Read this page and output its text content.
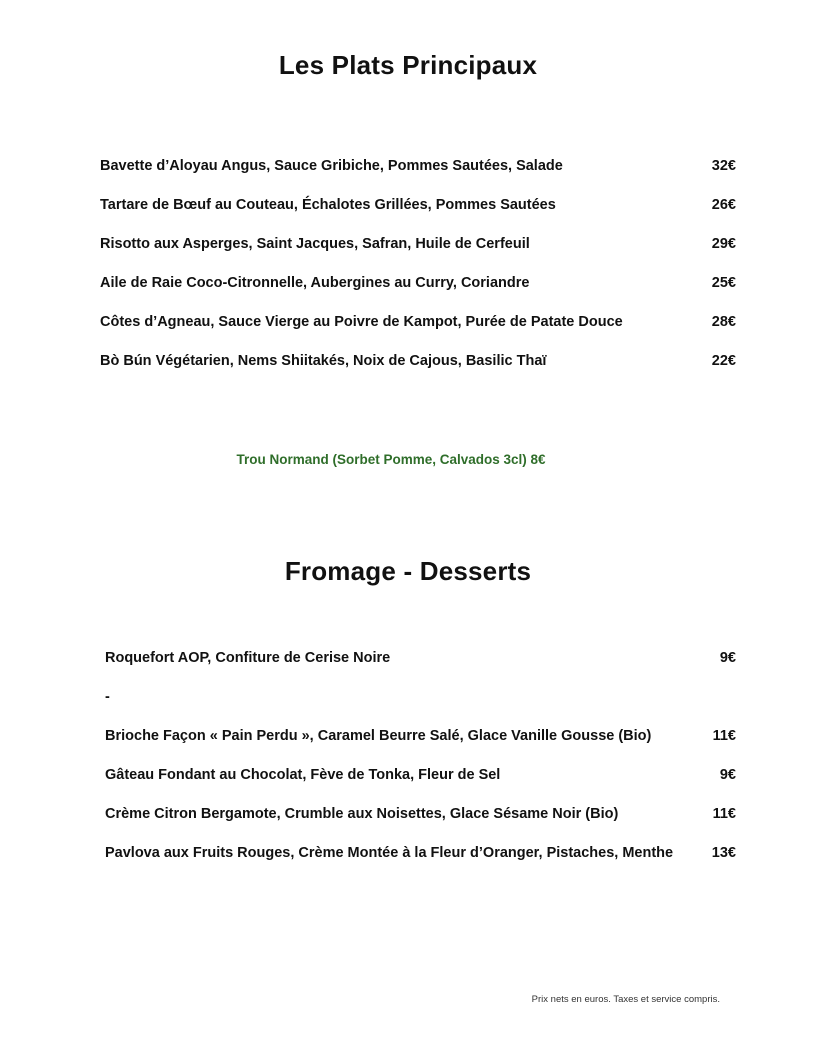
Les Plats Principaux
Bavette d’Aloyau Angus, Sauce Gribiche, Pommes Sautées, Salade	32€
Tartare de Bœuf au Couteau, Échalotes Grillées, Pommes Sautées	26€
Risotto aux Asperges, Saint Jacques, Safran, Huile de Cerfeuil	29€
Aile de Raie Coco-Citronnelle, Aubergines au Curry, Coriandre	25€
Côtes d’Agneau, Sauce Vierge au Poivre de Kampot, Purée de Patate Douce	28€
Bò Bún Végétarien, Nems Shiitakés, Noix de Cajous, Basilic Thaï	22€
Trou Normand (Sorbet Pomme, Calvados 3cl) 8€
Fromage - Desserts
Roquefort AOP, Confiture de Cerise Noire	9€
-
Brioche Façon « Pain Perdu », Caramel Beurre Salé, Glace Vanille Gousse (Bio)	11€
Gâteau Fondant au Chocolat, Fève de Tonka, Fleur de Sel	9€
Crème Citron Bergamote, Crumble aux Noisettes, Glace Sésame Noir (Bio)	11€
Pavlova aux Fruits Rouges, Crème Montée à la Fleur d’Oranger, Pistaches, Menthe	13€
Prix nets en euros. Taxes et service compris.
